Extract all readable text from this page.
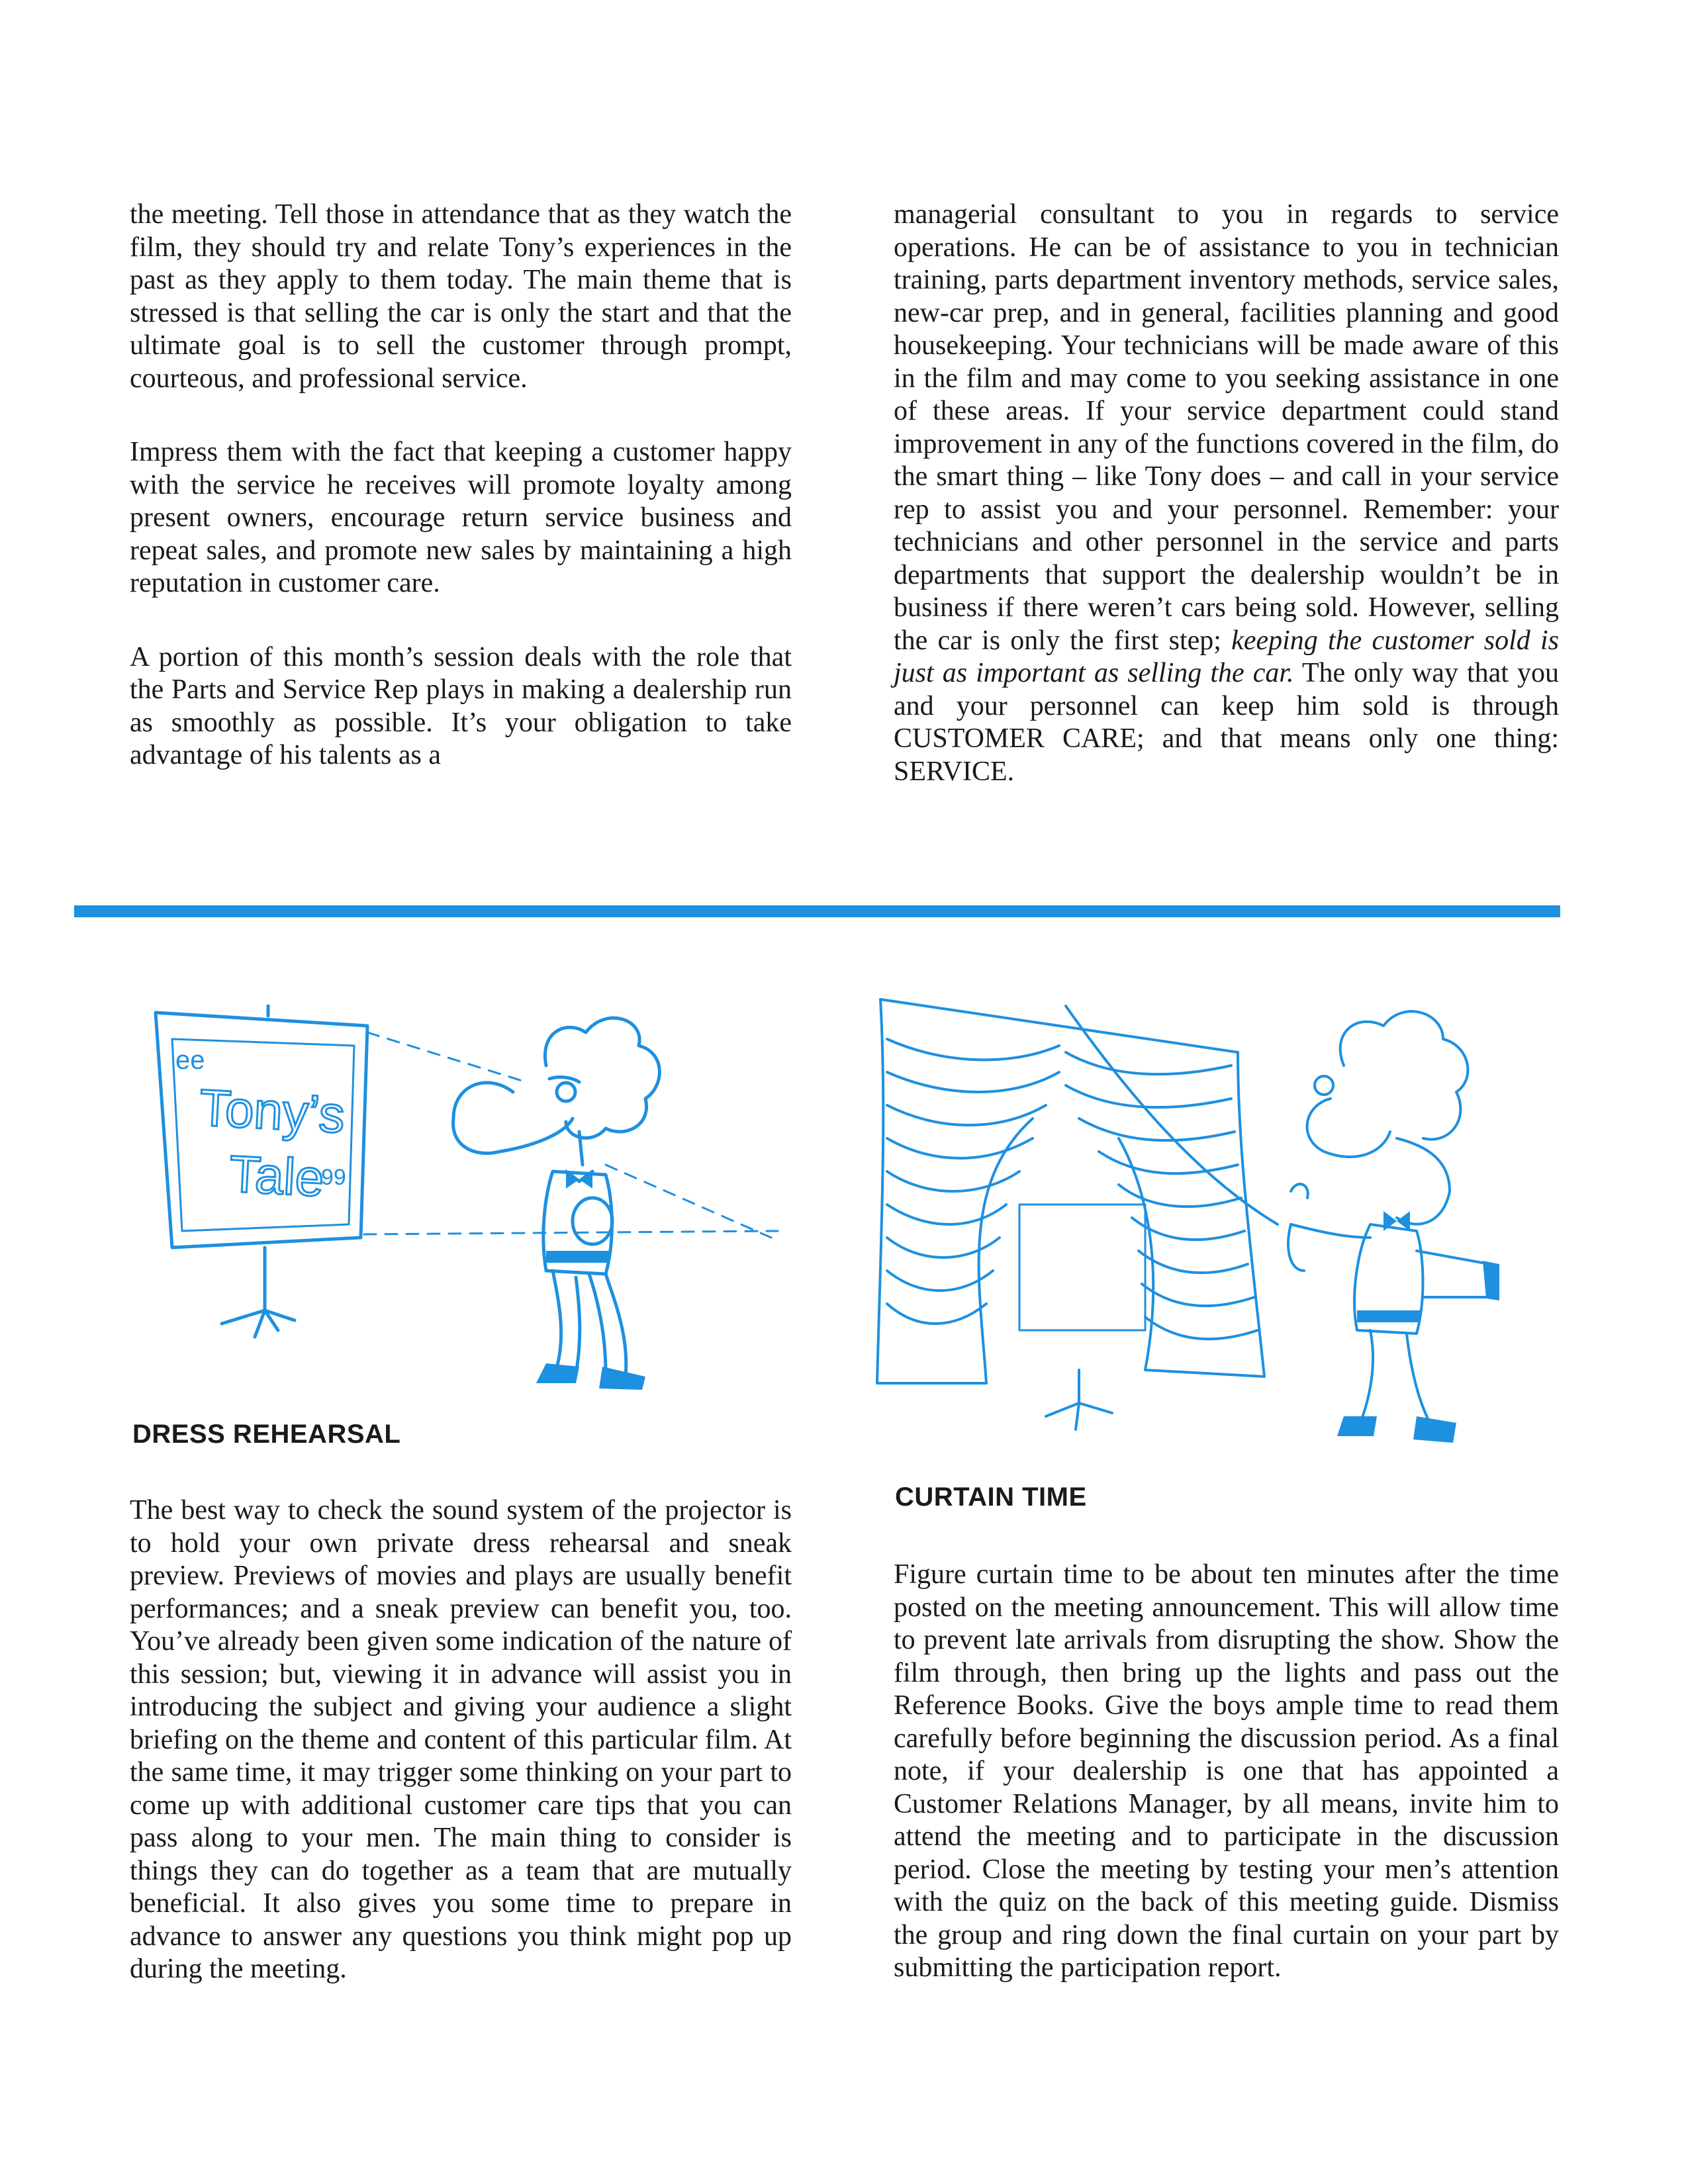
the meeting. Tell those in attendance that as they watch the film, they should try and relate Tony’s experiences in the past as they apply to them today. The main theme that is stressed is that selling the car is only the start and that the ultimate goal is to sell the customer through prompt, courteous, and professional service.

Impress them with the fact that keeping a customer happy with the service he receives will promote loyalty among present owners, encourage return service business and repeat sales, and promote new sales by maintaining a high reputation in customer care.

A portion of this month’s session deals with the role that the Parts and Service Rep plays in making a dealership run as smoothly as possible. It’s your obligation to take advantage of his talents as a

managerial consultant to you in regards to service operations. He can be of assistance to you in technician training, parts department inventory methods, service sales, new-car prep, and in general, facilities planning and good housekeeping. Your technicians will be made aware of this in the film and may come to you seeking assistance in one of these areas. If your service department could stand improvement in any of the functions covered in the film, do the smart thing – like Tony does – and call in your service rep to assist you and your personnel. Remember: your technicians and other personnel in the service and parts departments that support the dealership wouldn’t be in business if there weren’t cars being sold. However, selling the car is only the first step; keeping the customer sold is just as important as selling the car. The only way that you and your personnel can keep him sold is through CUSTOMER CARE; and that means only one thing: SERVICE.

Tony’s
Tale
ee
99
DRESS REHEARSAL

The best way to check the sound system of the projector is to hold your own private dress rehearsal and sneak preview. Previews of movies and plays are usually benefit performances; and a sneak preview can benefit you, too. You’ve already been given some indication of the nature of this session; but, viewing it in advance will assist you in introducing the subject and giving your audience a slight briefing on the theme and content of this particular film. At the same time, it may trigger some thinking on your part to come up with additional customer care tips that you can pass along to your men. The main thing to consider is things they can do together as a team that are mutually beneficial. It also gives you some time to prepare in advance to answer any questions you think might pop up during the meeting.

CURTAIN TIME

Figure curtain time to be about ten minutes after the time posted on the meeting announcement. This will allow time to prevent late arrivals from disrupting the show. Show the film through, then bring up the lights and pass out the Reference Books. Give the boys ample time to read them carefully before beginning the discussion period. As a final note, if your dealership is one that has appointed a Customer Relations Manager, by all means, invite him to attend the meeting and to participate in the discussion period. Close the meeting by testing your men’s attention with the quiz on the back of this meeting guide. Dismiss the group and ring down the final curtain on your part by submitting the participation report.
